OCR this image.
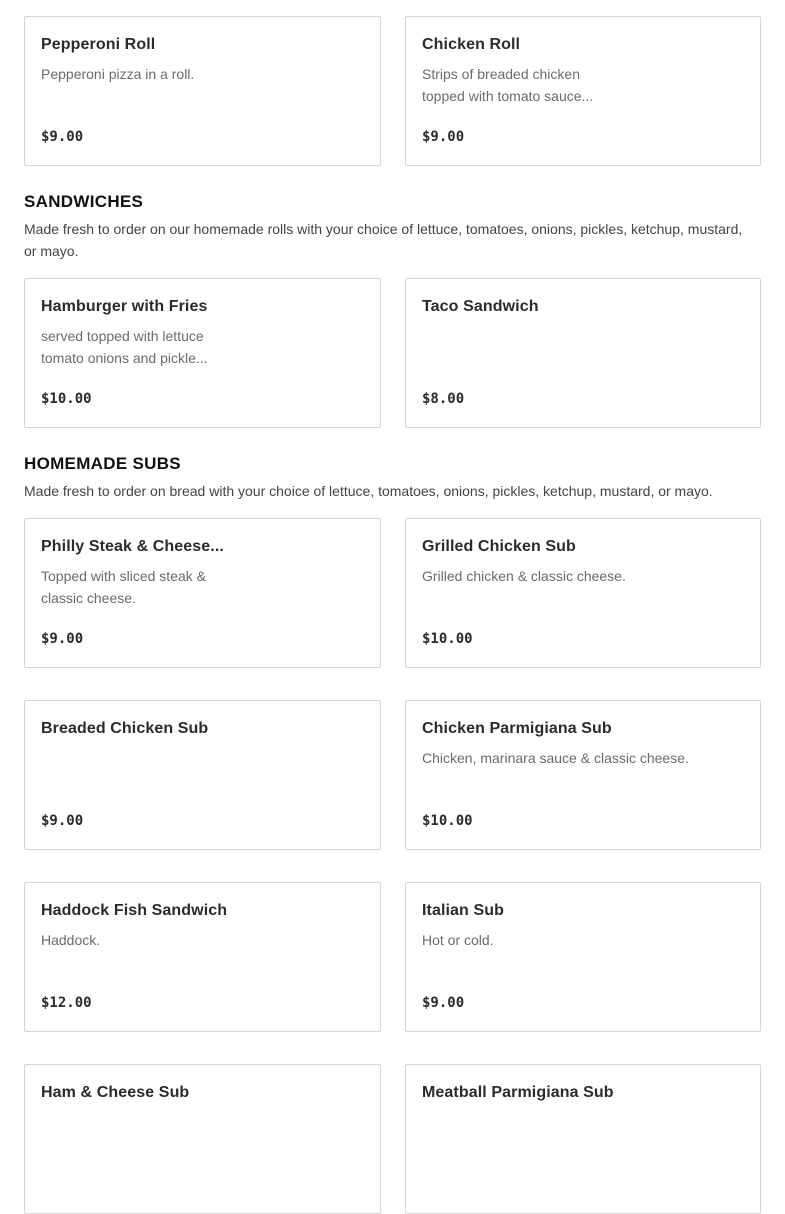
Pepperoni Roll
Pepperoni pizza in a roll.
$9.00
Chicken Roll
Strips of breaded chicken topped with tomato sauce...
$9.00
SANDWICHES
Made fresh to order on our homemade rolls with your choice of lettuce, tomatoes, onions, pickles, ketchup, mustard, or mayo.
Hamburger with Fries
served topped with lettuce tomato onions and pickle...
$10.00
Taco Sandwich
$8.00
HOMEMADE SUBS
Made fresh to order on bread with your choice of lettuce, tomatoes, onions, pickles, ketchup, mustard, or mayo.
Philly Steak & Cheese...
Topped with sliced steak & classic cheese.
$9.00
Grilled Chicken Sub
Grilled chicken & classic cheese.
$10.00
Breaded Chicken Sub
$9.00
Chicken Parmigiana Sub
Chicken, marinara sauce & classic cheese.
$10.00
Haddock Fish Sandwich
Haddock.
$12.00
Italian Sub
Hot or cold.
$9.00
Ham & Cheese Sub	Meatball Parmigiana Sub
